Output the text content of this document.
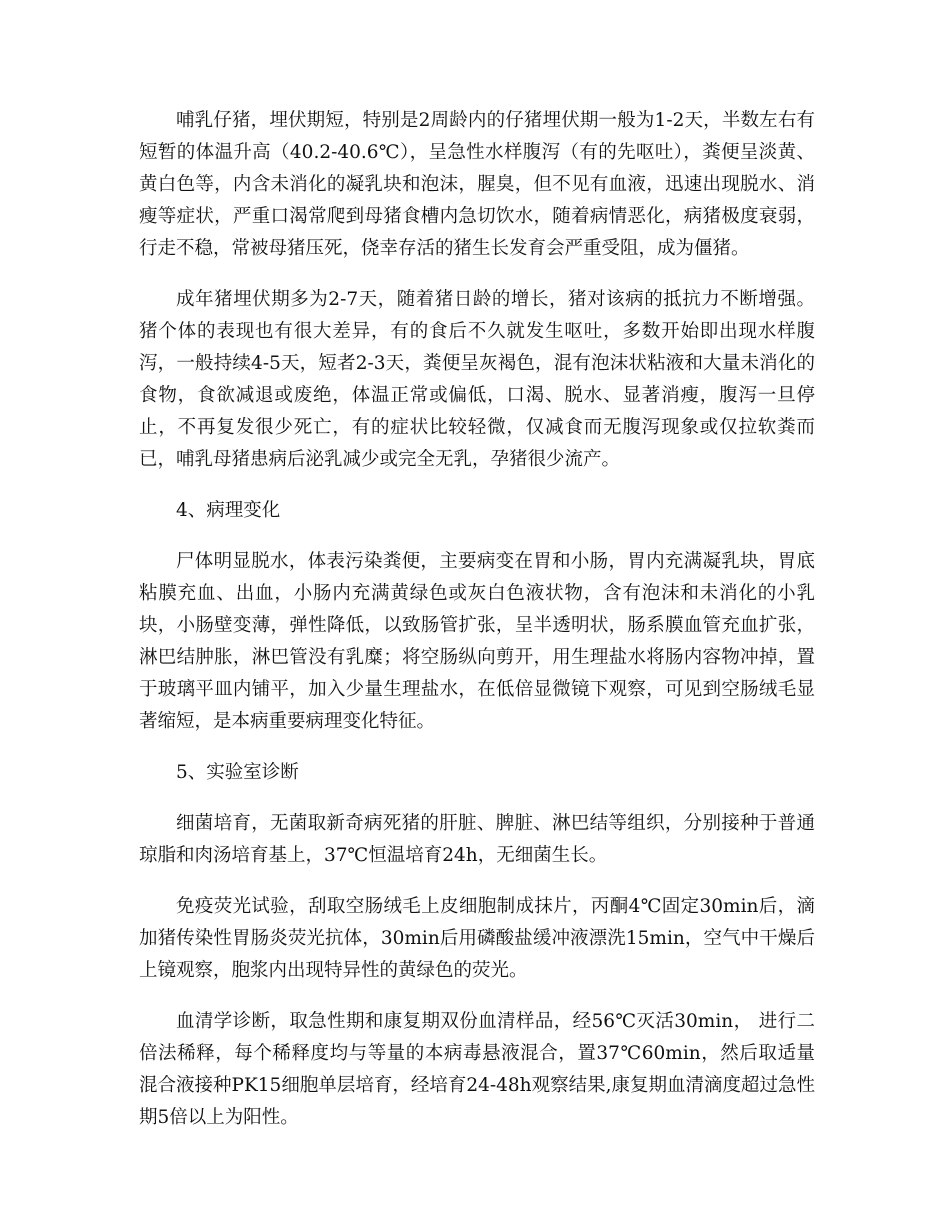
哺乳仔猪，埋伏期短，特别是2周龄内的仔猪埋伏期一般为1-2天，半数左右有短暂的体温升高（40.2-40.6℃），呈急性水样腹泻（有的先呕吐），粪便呈淡黄、黄白色等，内含未消化的凝乳块和泡沫，腥臭，但不见有血液，迅速出现脱水、消瘦等症状，严重口渴常爬到母猪食槽内急切饮水，随着病情恶化，病猪极度衰弱，行走不稳，常被母猪压死，侥幸存活的猪生长发育会严重受阻，成为僵猪。

成年猪埋伏期多为2-7天，随着猪日龄的增长，猪对该病的抵抗力不断增强。猪个体的表现也有很大差异，有的食后不久就发生呕吐，多数开始即出现水样腹泻，一般持续4-5天，短者2-3天，粪便呈灰褐色，混有泡沫状粘液和大量未消化的食物，食欲减退或废绝，体温正常或偏低，口渴、脱水、显著消瘦，腹泻一旦停止，不再复发很少死亡，有的症状比较轻微，仅减食而无腹泻现象或仅拉软粪而已，哺乳母猪患病后泌乳减少或完全无乳，孕猪很少流产。

4、病理变化

尸体明显脱水，体表污染粪便，主要病变在胃和小肠，胃内充满凝乳块，胃底粘膜充血、出血，小肠内充满黄绿色或灰白色液状物，含有泡沫和未消化的小乳块，小肠壁变薄，弹性降低，以致肠管扩张，呈半透明状，肠系膜血管充血扩张，淋巴结肿胀，淋巴管没有乳糜；将空肠纵向剪开，用生理盐水将肠内容物冲掉，置于玻璃平皿内铺平，加入少量生理盐水，在低倍显微镜下观察，可见到空肠绒毛显著缩短，是本病重要病理变化特征。

5、实验室诊断

细菌培育，无菌取新奇病死猪的肝脏、脾脏、淋巴结等组织，分别接种于普通琼脂和肉汤培育基上，37℃恒温培育24h，无细菌生长。

免疫荧光试验，刮取空肠绒毛上皮细胞制成抹片，丙酮4℃固定30min后，滴加猪传染性胃肠炎荧光抗体，30min后用磷酸盐缓冲液漂洗15min，空气中干燥后上镜观察，胞浆内出现特异性的黄绿色的荧光。

血清学诊断，取急性期和康复期双份血清样品，经56℃灭活30min， 进行二倍法稀释，每个稀释度均与等量的本病毒悬液混合，置37℃60min，然后取适量混合液接种PK15细胞单层培育，经培育24-48h观察结果,康复期血清滴度超过急性期5倍以上为阳性。
